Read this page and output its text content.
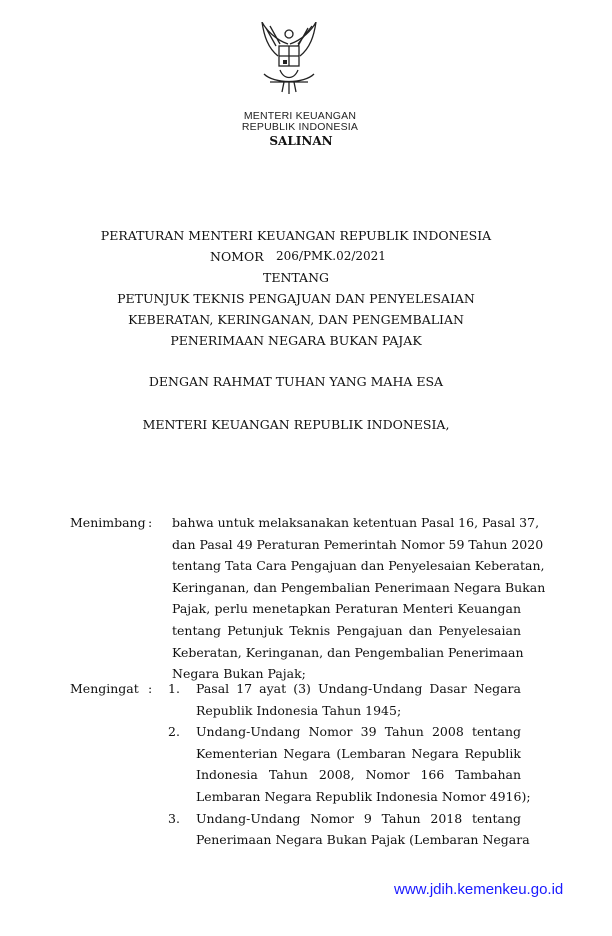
MENTERI KEUANGAN
REPUBLIK INDONESIA
SALINAN
PERATURAN MENTERI KEUANGAN REPUBLIK INDONESIA
NOMOR 206/PMK.02/2021
TENTANG
PETUNJUK TEKNIS PENGAJUAN DAN PENYELESAIAN
KEBERATAN, KERINGANAN, DAN PENGEMBALIAN
PENERIMAAN NEGARA BUKAN PAJAK
DENGAN RAHMAT TUHAN YANG MAHA ESA
MENTERI KEUANGAN REPUBLIK INDONESIA,
Menimbang : bahwa untuk melaksanakan ketentuan Pasal 16, Pasal 37,
dan Pasal 49 Peraturan Pemerintah Nomor 59 Tahun 2020
tentang Tata Cara Pengajuan dan Penyelesaian Keberatan,
Keringanan, dan Pengembalian Penerimaan Negara Bukan
Pajak, perlu menetapkan Peraturan Menteri Keuangan
tentang Petunjuk Teknis Pengajuan dan Penyelesaian
Keberatan, Keringanan, dan Pengembalian Penerimaan
Negara Bukan Pajak;
Mengingat : 1. Pasal 17 ayat (3) Undang-Undang Dasar Negara
Republik Indonesia Tahun 1945;
2. Undang-Undang Nomor 39 Tahun 2008 tentang
Kementerian Negara (Lembaran Negara Republik
Indonesia Tahun 2008, Nomor 166 Tambahan
Lembaran Negara Republik Indonesia Nomor 4916);
3. Undang-Undang Nomor 9 Tahun 2018 tentang
Penerimaan Negara Bukan Pajak (Lembaran Negara
www.jdih.kemenkeu.go.id
